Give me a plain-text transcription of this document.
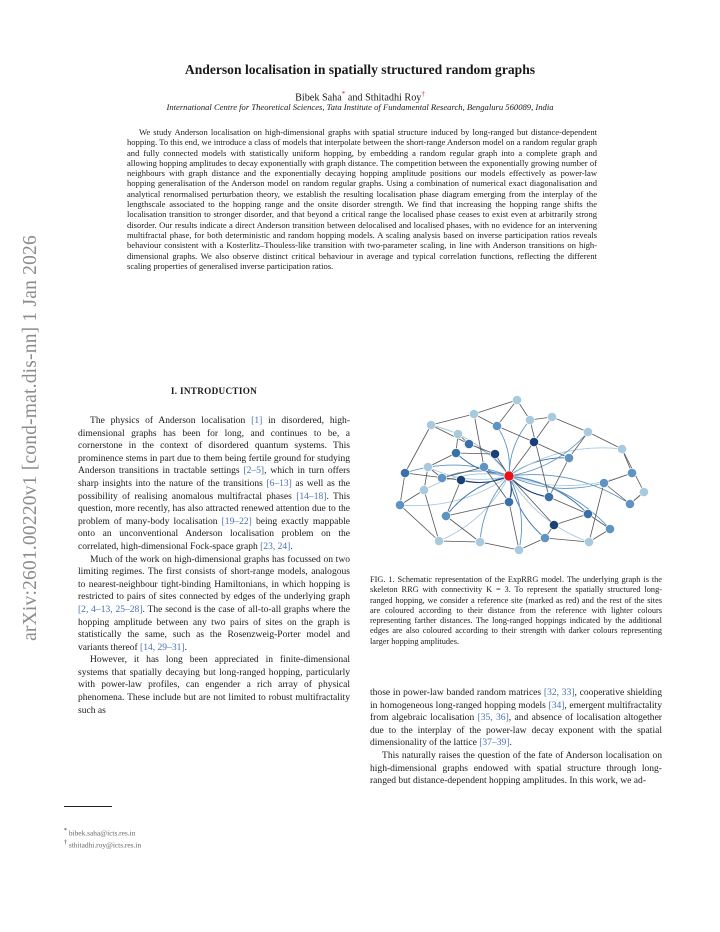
arXiv:2601.00220v1 [cond-mat.dis-nn] 1 Jan 2026
Anderson localisation in spatially structured random graphs
Bibek Saha* and Sthitadhi Roy†
International Centre for Theoretical Sciences, Tata Institute of Fundamental Research, Bengaluru 560089, India

We study Anderson localisation on high-dimensional graphs with spatial structure induced by long-ranged but distance-dependent hopping. To this end, we introduce a class of models that interpolate between the short-range Anderson model on a random regular graph and fully connected models with statistically uniform hopping, by embedding a random regular graph into a complete graph and allowing hopping amplitudes to decay exponentially with graph distance. The competition between the exponentially growing number of neighbours with graph distance and the exponentially decaying hopping amplitude positions our models effectively as power-law hopping generalisation of the Anderson model on random regular graphs. Using a combination of numerical exact diagonalisation and analytical renormalised perturbation theory, we establish the resulting localisation phase diagram emerging from the interplay of the lengthscale associated to the hopping range and the onsite disorder strength. We find that increasing the hopping range shifts the localisation transition to stronger disorder, and that beyond a critical range the localised phase ceases to exist even at arbitrarily strong disorder. Our results indicate a direct Anderson transition between delocalised and localised phases, with no evidence for an intervening multifractal phase, for both deterministic and random hopping models. A scaling analysis based on inverse participation ratios reveals behaviour consistent with a Kosterlitz–Thouless-like transition with two-parameter scaling, in line with Anderson transitions on high-dimensional graphs. We also observe distinct critical behaviour in average and typical correlation functions, reflecting the different scaling properties of generalised inverse participation ratios.

I. INTRODUCTION

The physics of Anderson localisation [1] in disordered, high-dimensional graphs has been for long, and continues to be, a cornerstone in the context of disordered quantum systems. This prominence stems in part due to them being fertile ground for studying Anderson transitions in tractable settings [2–5], which in turn offers sharp insights into the nature of the transitions [6–13] as well as the possibility of realising anomalous multifractal phases [14–18]. This question, more recently, has also attracted renewed attention due to the problem of many-body localisation [19–22] being exactly mappable onto an unconventional Anderson localisation problem on the correlated, high-dimensional Fock-space graph [23, 24].

Much of the work on high-dimensional graphs has focussed on two limiting regimes. The first consists of short-range models, analogous to nearest-neighbour tight-binding Hamiltonians, in which hopping is restricted to pairs of sites connected by edges of the underlying graph [2, 4–13, 25–28]. The second is the case of all-to-all graphs where the hopping amplitude between any two pairs of sites on the graph is statistically the same, such as the Rosenzweig-Porter model and variants thereof [14, 29–31].

However, it has long been appreciated in finite-dimensional systems that spatially decaying but long-ranged hopping, particularly with power-law profiles, can engender a rich array of physical phenomena. These include but are not limited to robust multifractality such as

* bibek.saha@icts.res.in
† sthitadhi.roy@icts.res.in

FIG. 1. Schematic representation of the ExpRRG model. The underlying graph is the skeleton RRG with connectivity K = 3. To represent the spatially structured long-ranged hopping, we consider a reference site (marked as red) and the rest of the sites are coloured according to their distance from the reference with lighter colours representing farther distances. The long-ranged hoppings indicated by the additional edges are also coloured according to their strength with darker colours representing larger hopping amplitudes.

those in power-law banded random matrices [32, 33], cooperative shielding in homogeneous long-ranged hopping models [34], emergent multifractality from algebraic localisation [35, 36], and absence of localisation altogether due to the interplay of the power-law decay exponent with the spatial dimensionality of the lattice [37–39].

This naturally raises the question of the fate of Anderson localisation on high-dimensional graphs endowed with spatial structure through long-ranged but distance-dependent hopping amplitudes. In this work, we ad-
